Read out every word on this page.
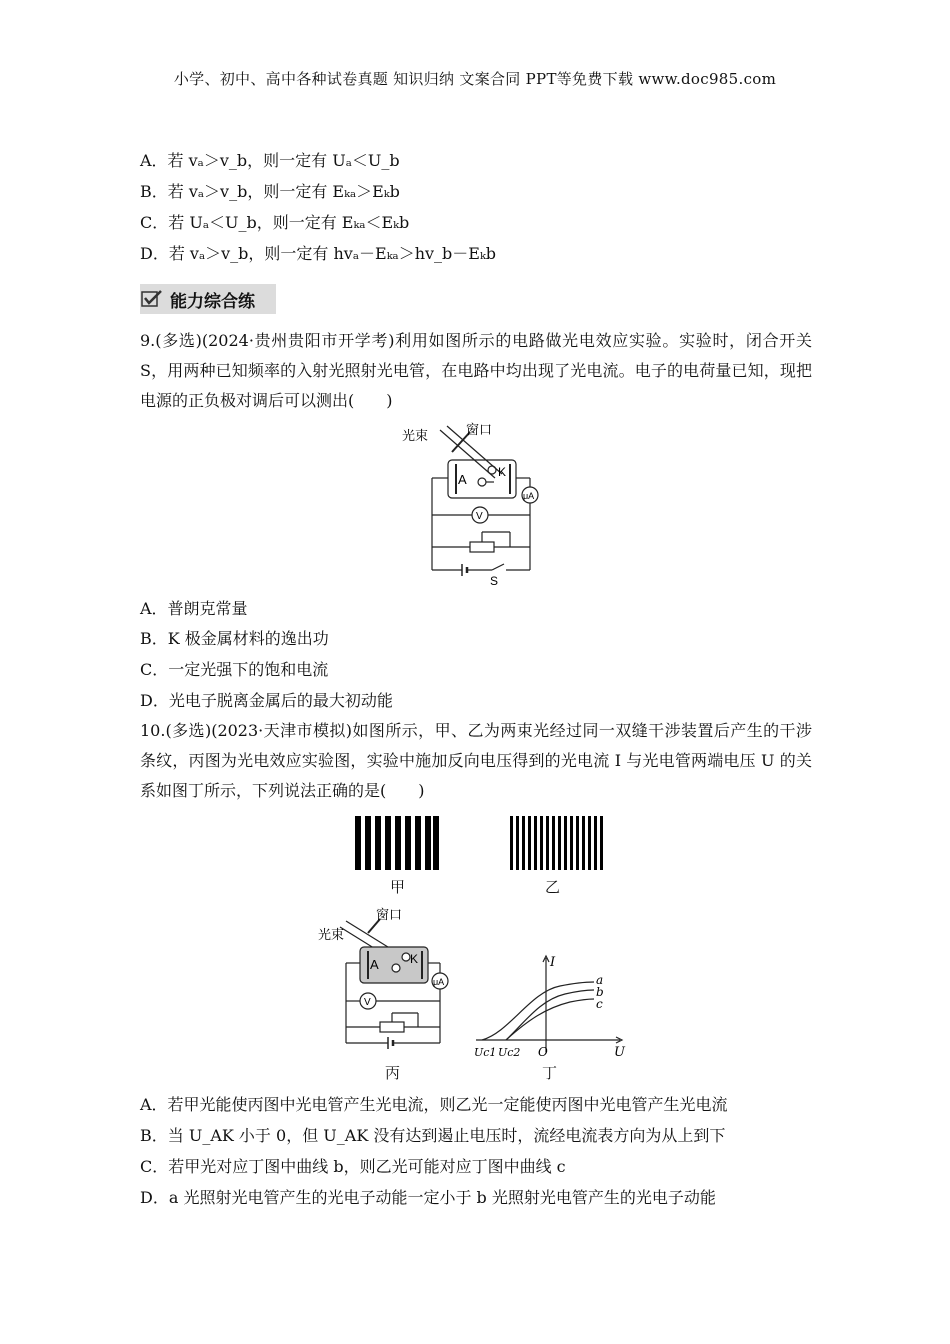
小学、初中、高中各种试卷真题 知识归纳 文案合同 PPT等免费下载 www.doc985.com
A．若 vₐ＞v_b，则一定有 Uₐ＜U_b
B．若 vₐ＞v_b，则一定有 Eₖₐ＞Eₖb
C．若 Uₐ＜U_b，则一定有 Eₖₐ＜Eₖb
D．若 vₐ＞v_b，则一定有 hvₐ－Eₖₐ＞hv_b－Eₖb
能力综合练
9.(多选)(2024·贵州贵阳市开学考)利用如图所示的电路做光电效应实验。实验时，闭合开关S，用两种已知频率的入射光照射光电管，在电路中均出现了光电流。电子的电荷量已知，现把电源的正负极对调后可以测出(　　)
光束	窗口
A	K
μA
V
S
A．普朗克常量
B．K 极金属材料的逸出功
C．一定光强下的饱和电流
D．光电子脱离金属后的最大初动能
10.(多选)(2023·天津市模拟)如图所示，甲、乙为两束光经过同一双缝干涉装置后产生的干涉条纹，丙图为光电效应实验图，实验中施加反向电压得到的光电流 I 与光电管两端电压 U 的关系如图丁所示，下列说法正确的是(　　)
甲	乙
光束
窗口
A	K
μA
V
丙
I
U
O
a
b
c
Uc1 Uc2
丁
A．若甲光能使丙图中光电管产生光电流，则乙光一定能使丙图中光电管产生光电流
B．当 U_AK 小于 0，但 U_AK 没有达到遏止电压时，流经电流表方向为从上到下
C．若甲光对应丁图中曲线 b，则乙光可能对应丁图中曲线 c
D．a 光照射光电管产生的光电子动能一定小于 b 光照射光电管产生的光电子动能
